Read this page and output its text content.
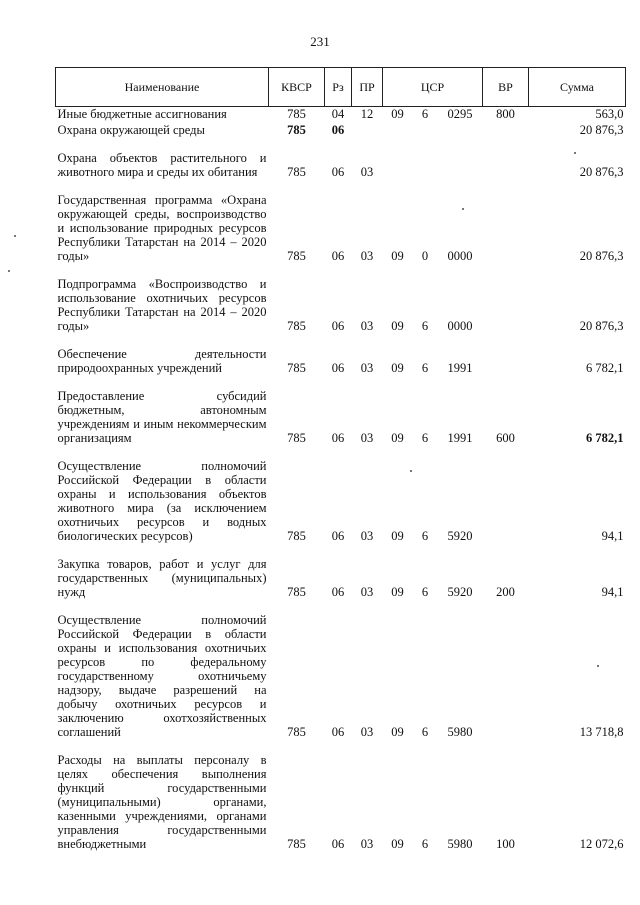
231
Наименование	КВСР	Рз	ПР	ЦСР			ВР	Сумма
Иные бюджетные ассигнования	785	04	12	09	6	0295	800	563,0
Охрана окружающей среды	785	06						20 876,3

Охрана объектов растительного и животного мира и среды их обитания	785	06	03					20 876,3

Государственная программа «Охрана окружающей среды, воспроизводство и использование природных ресурсов Республики Татарстан на 2014 – 2020 годы»	785	06	03	09	0	0000		20 876,3

Подпрограмма «Воспроизводство и использование охотничьих ресурсов Республики Татарстан на 2014 – 2020 годы»	785	06	03	09	6	0000		20 876,3

Обеспечение деятельности природоохранных учреждений	785	06	03	09	6	1991		6 782,1

Предоставление субсидий бюджетным, автономным учреждениям и иным некоммерческим организациям	785	06	03	09	6	1991	600	6 782,1

Осуществление полномочий Российской Федерации в области охраны и использования объектов животного мира (за исключением охотничьих ресурсов и водных биологических ресурсов)	785	06	03	09	6	5920		94,1

Закупка товаров, работ и услуг для государственных (муниципальных) нужд	785	06	03	09	6	5920	200	94,1

Осуществление полномочий Российской Федерации в области охраны и использования охотничьих ресурсов по федеральному государственному охотничьему надзору, выдаче разрешений на добычу охотничьих ресурсов и заключению охотхозяйственных соглашений	785	06	03	09	6	5980		13 718,8

Расходы на выплаты персоналу в целях обеспечения выполнения функций государственными (муниципальными) органами, казенными учреждениями, органами управления государственными внебюджетными	785	06	03	09	6	5980	100	12 072,6
